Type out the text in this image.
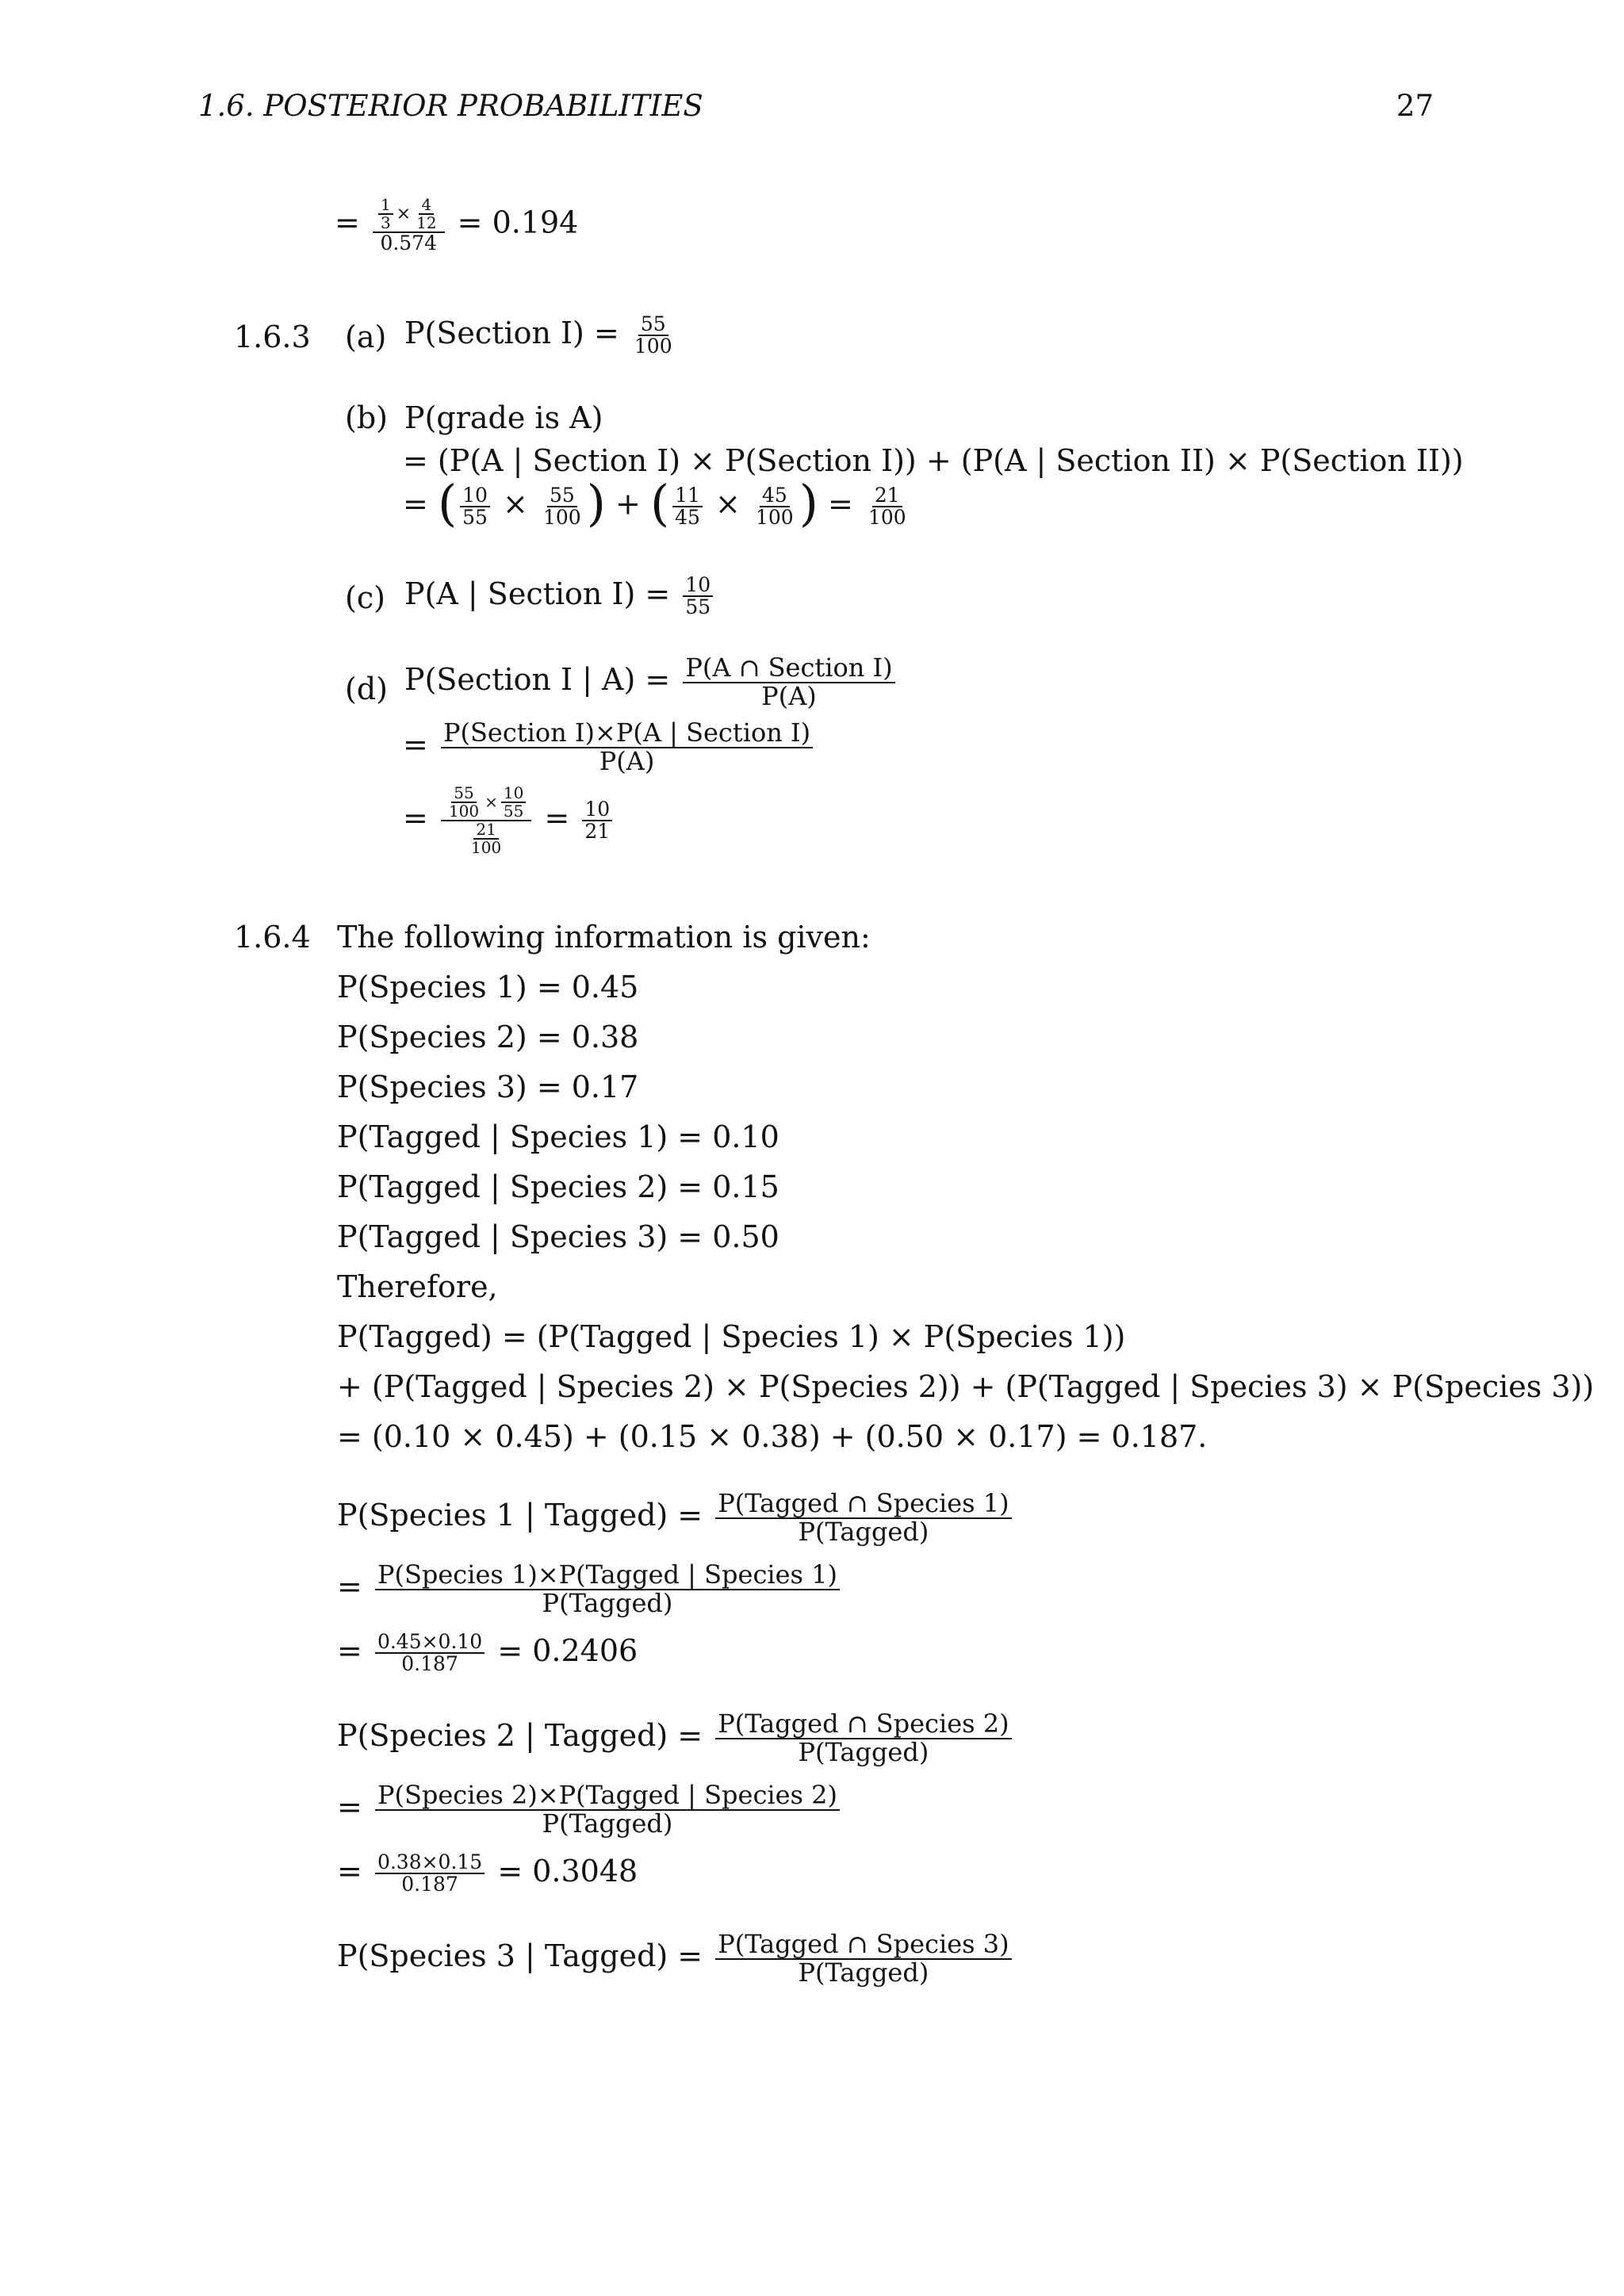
1.6. POSTERIOR PROBABILITIES	27
= $\frac{\frac{1}{3} \times \frac{4}{12}}{0.574} = 0.194$
1.6.3 (a) P(Section $I) = \frac{55}{100}$
(b) P(grade is A)
= (P(A | Section I) × P(Section I)) + (P(A | Section II) × P(Section II))
= ( $\frac{10}{55} \times \frac{55}{100}$ ) + ( $\frac{11}{45} \times \frac{45}{100}$ ) = $\frac{21}{100}$
(c) P(A | Section $I) = \frac{10}{55}$
(d) P(Section I | $A) = \frac{\text{P(A ∩ Section I)}}{P(A)}$
= $\frac{\text{P(Section I)×P(A | Section I)}}{P(A)}$
= $\frac{\frac{55}{100} \times \frac{10}{55}}{\frac{21}{100}} = \frac{10}{21}$
1.6.4 The following information is given:
P(Species 1) = 0.45
P(Species 2) = 0.38
P(Species 3) = 0.17
P(Tagged | Species 1) = 0.10
P(Tagged | Species 2) = 0.15
P(Tagged | Species 3) = 0.50
Therefore,
P(Tagged) = (P(Tagged | Species 1) × P(Species 1))
+ (P(Tagged | Species 2) × P(Species 2)) + (P(Tagged | Species 3) × P(Species 3))
= (0.10 × 0.45) + (0.15 × 0.38) + (0.50 × 0.17) = 0.187.
P(Species 1 | Tagged) = $\frac{\text{P(Tagged ∩ Species 1)}}{\text{P(Tagged)}}$
= $\frac{\text{P(Species 1)×P(Tagged | Species 1)}}{\text{P(Tagged)}}$
= $\frac{0.45\times 0.10}{0.187} = 0.2406$
P(Species 2 | Tagged) = $\frac{\text{P(Tagged ∩ Species 2)}}{\text{P(Tagged)}}$
= $\frac{\text{P(Species 2)×P(Tagged | Species 2)}}{\text{P(Tagged)}}$
= $\frac{0.38\times 0.15}{0.187} = 0.3048$
P(Species 3 | Tagged) = $\frac{\text{P(Tagged ∩ Species 3)}}{\text{P(Tagged)}}$
